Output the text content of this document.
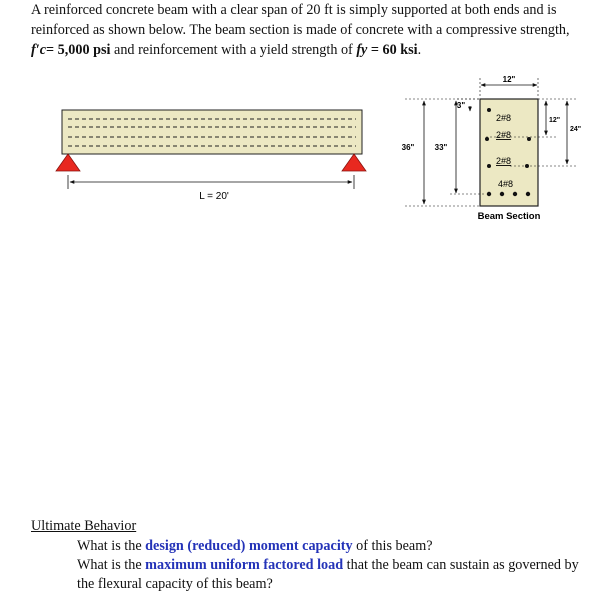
A reinforced concrete beam with a clear span of 20 ft is simply supported at both ends and is
reinforced as shown below. The beam section is made of concrete with a compressive strength,
f′c= 5,000 psi and reinforcement with a yield strength of fy = 60 ksi.

L = 20'
12"
3"
36"	33"
12"
24"
2#8
2#8
2#8
4#8
Beam Section

Ultimate Behavior

What is the design (reduced) moment capacity of this beam?

What is the maximum uniform factored load that the beam can sustain as governed by
the flexural capacity of this beam?
